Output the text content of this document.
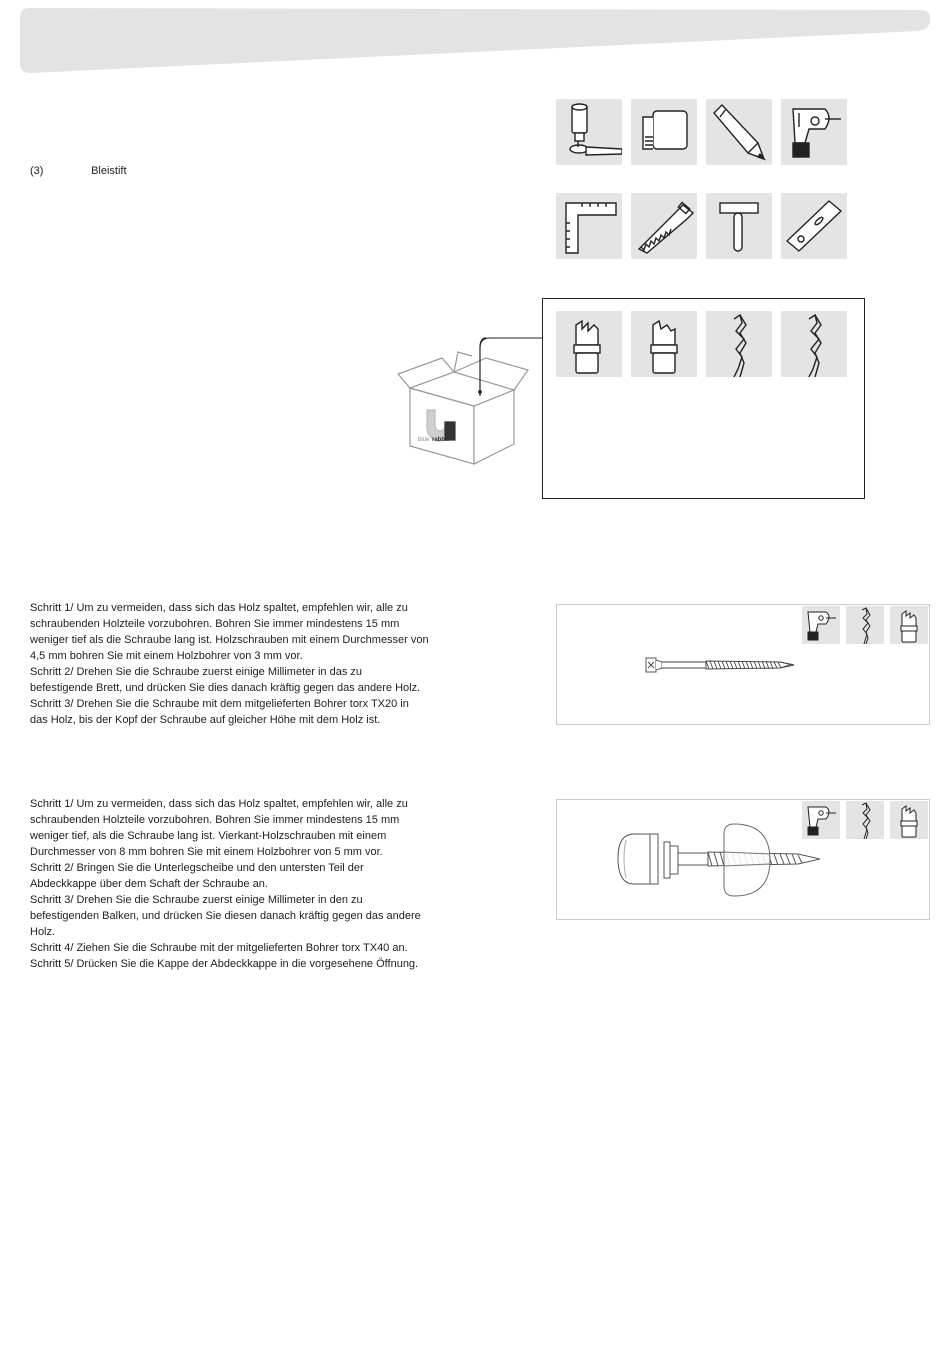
(3)	Bleistift
blue rabbit

Schritt 1/ Um zu vermeiden, dass sich das Holz spaltet, empfehlen wir, alle zu

schraubenden Holzteile vorzubohren. Bohren Sie immer mindestens 15 mm

weniger tief als die Schraube lang ist. Holzschrauben mit einem Durchmesser von

4,5 mm bohren Sie mit einem Holzbohrer von 3 mm vor.

Schritt 2/ Drehen Sie die Schraube zuerst einige Millimeter in das zu

befestigende Brett, und drücken Sie dies danach kräftig gegen das andere Holz.

Schritt 3/ Drehen Sie die Schraube mit dem mitgelieferten Bohrer torx TX20 in

das Holz, bis der Kopf der Schraube auf gleicher Höhe mit dem Holz ist.

Schritt 1/ Um zu vermeiden, dass sich das Holz spaltet, empfehlen wir, alle zu

schraubenden Holzteile vorzubohren. Bohren Sie immer mindestens 15 mm

weniger tief, als die Schraube lang ist. Vierkant-Holzschrauben mit einem

Durchmesser von 8 mm bohren Sie mit einem Holzbohrer von 5 mm vor.

Schritt 2/ Bringen Sie die Unterlegscheibe und den untersten Teil der

Abdeckkappe über dem Schaft der Schraube an.

Schritt 3/ Drehen Sie die Schraube zuerst einige Millimeter in den zu

befestigenden Balken, und drücken Sie diesen danach kräftig gegen das andere

Holz.

Schritt 4/ Ziehen Sie die Schraube mit der mitgelieferten Bohrer torx TX40 an.

Schritt 5/ Drücken Sie die Kappe der Abdeckkappe in die vorgesehene Öffnung.
